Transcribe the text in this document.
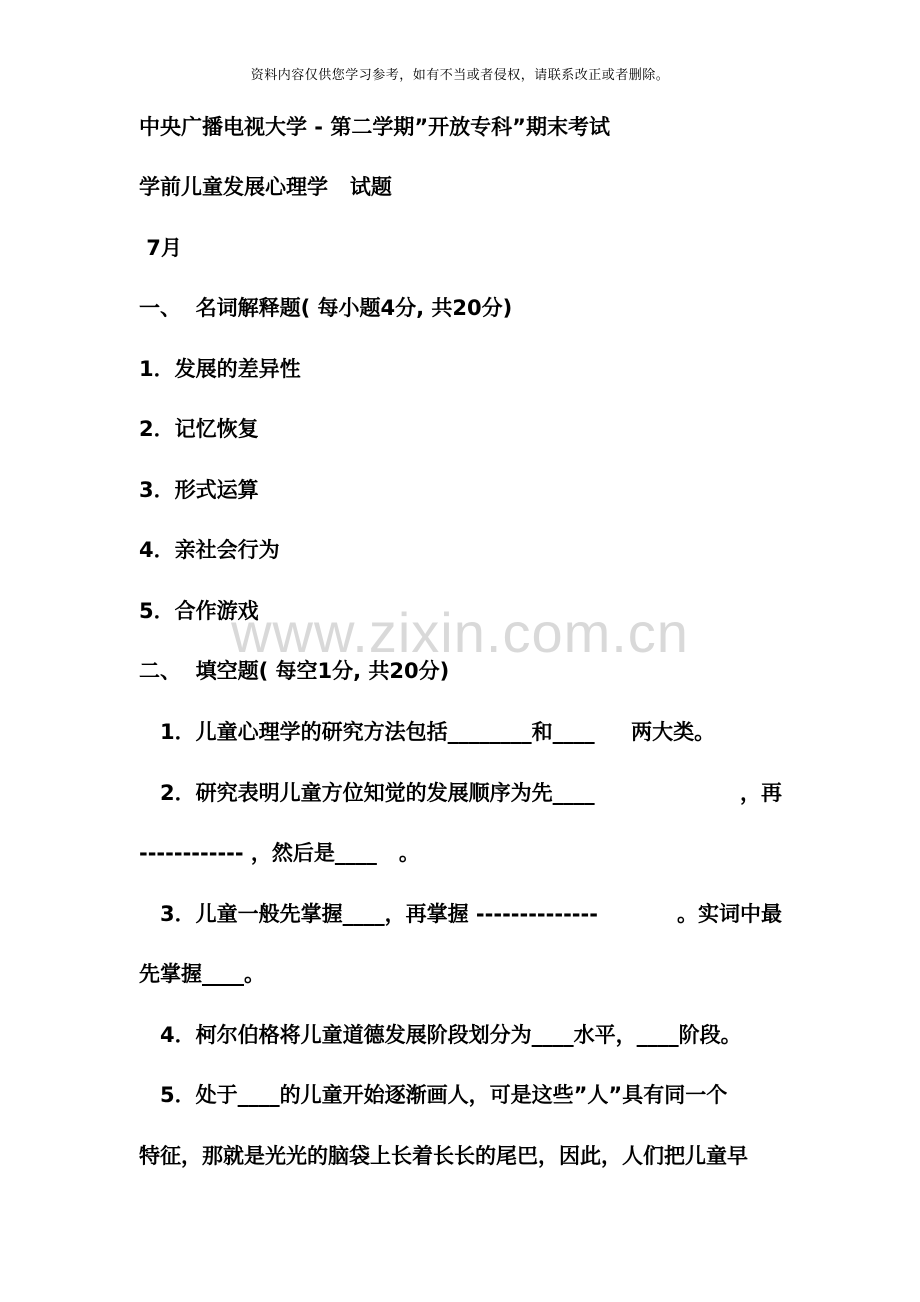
资料内容仅供您学习参考，如有不当或者侵权，请联系改正或者删除。
中央广播电视大学 - 第二学期”开放专科”期末考试
学前儿童发展心理学   试题
7月
一、  名词解释题( 每小题4分, 共20分)
1．发展的差异性
2．记忆恢复
3．形式运算
4．亲社会行为
5．合作游戏
www.zixin.com.cn
二、  填空题( 每空1分, 共20分)
1．儿童心理学的研究方法包括________和____     两大类。
2．研究表明儿童方位知觉的发展顺序为先____	，再
------------ ，然后是____   。
3．儿童一般先掌握____，再掌握 --------------	。实词中最
先掌握____。
4．柯尔伯格将儿童道德发展阶段划分为____水平，____阶段。
5．处于____的儿童开始逐渐画人，可是这些”人”具有同一个
特征，那就是光光的脑袋上长着长长的尾巴，因此，人们把儿童早
